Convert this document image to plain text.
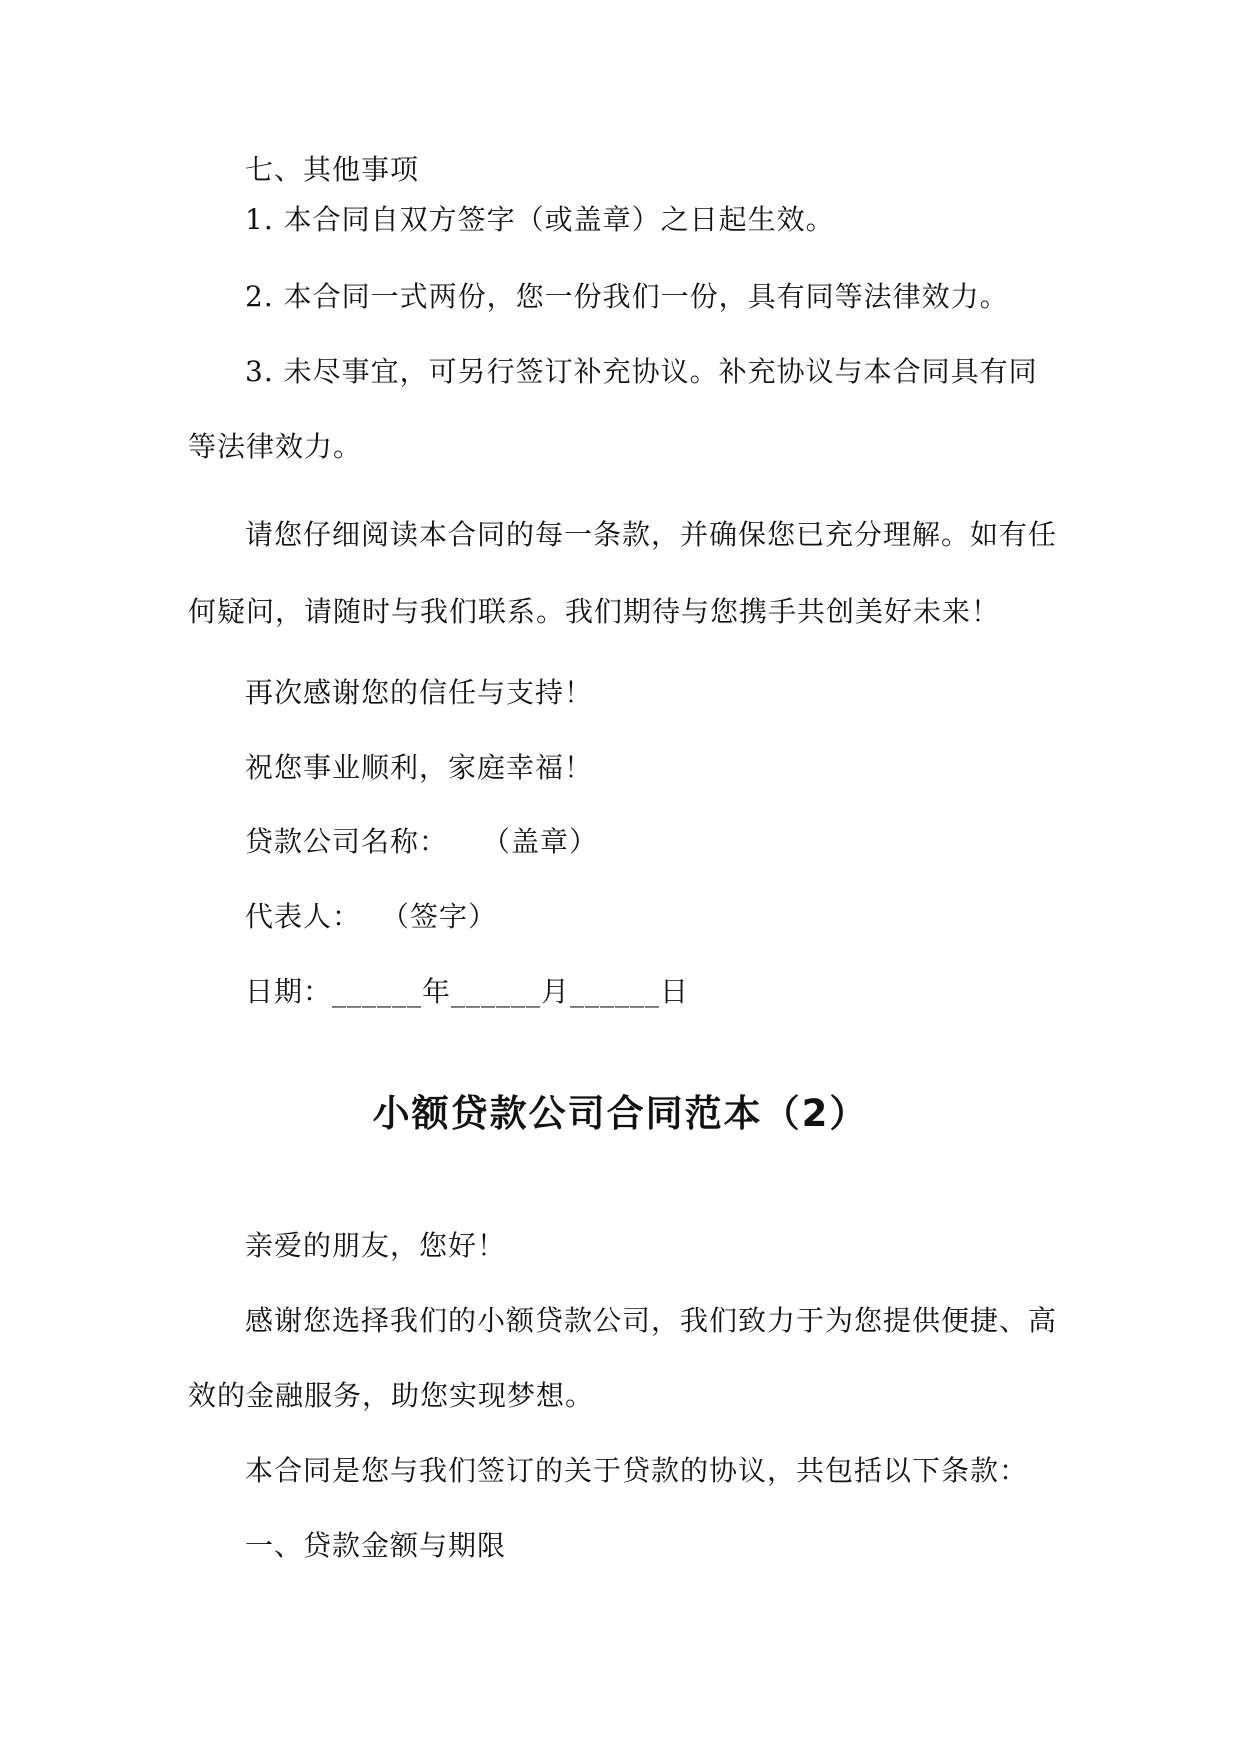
七、其他事项

1. 本合同自双方签字（或盖章）之日起生效。

2. 本合同一式两份，您一份我们一份，具有同等法律效力。

3. 未尽事宜，可另行签订补充协议。补充协议与本合同具有同

等法律效力。

请您仔细阅读本合同的每一条款，并确保您已充分理解。如有任

何疑问，请随时与我们联系。我们期待与您携手共创美好未来！

再次感谢您的信任与支持！

祝您事业顺利，家庭幸福！

贷款公司名称： （盖章）

代表人： （签字）

日期：______年______月______日

小额贷款公司合同范本（2）

亲爱的朋友，您好！

感谢您选择我们的小额贷款公司，我们致力于为您提供便捷、高

效的金融服务，助您实现梦想。

本合同是您与我们签订的关于贷款的协议，共包括以下条款：

一、贷款金额与期限
